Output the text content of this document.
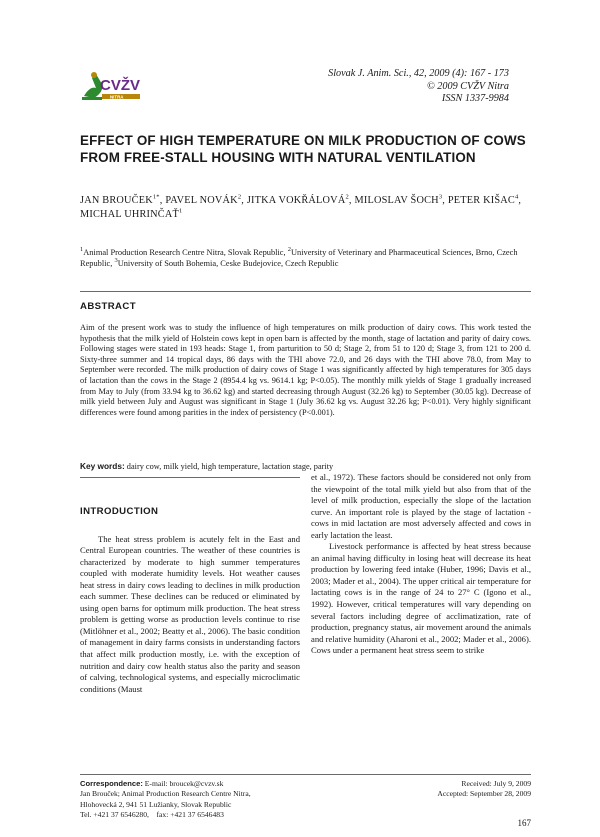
CVŽV
NITRA
Slovak J. Anim. Sci., 42, 2009 (4): 167 - 173
© 2009 CVŽV Nitra
ISSN 1337-9984
EFFECT OF HIGH TEMPERATURE ON MILK PRODUCTION OF COWS FROM FREE-STALL HOUSING WITH NATURAL VENTILATION
JAN $BROUČEK^{1*}$, PAVEL NOVÁK$^2$, JITKA VOKŘÁLOVÁ$^2$, MILOSLAV ŠOCH$^3$, PETER KIŠAC$^4$, MICHAL UHRINČAŤ$^1$
$^1$Animal Production Research Centre Nitra, Slovak Republic, $^2$University of Veterinary and Pharmaceutical Sciences, Brno, Czech Republic, $^3$University of South Bohemia, Ceske Budejovice, Czech Republic
ABSTRACT

Aim of the present work was to study the influence of high temperatures on milk production of dairy cows. This work tested the hypothesis that the milk yield of Holstein cows kept in open barn is affected by the month, stage of lactation and parity of dairy cows. Following stages were stated in 193 heads: Stage 1, from parturition to 50 d; Stage 2, from 51 to 120 d; Stage 3, from 121 to 200 d. Sixty-three summer and 14 tropical days, 86 days with the THI above 72.0, and 26 days with the THI above 78.0, from May to September were recorded. The milk production of dairy cows of Stage 1 was significantly affected by high temperatures for 305 days of lactation than the cows in the Stage 2 (8954.4 kg vs. 9614.1 kg; P<0.05). The monthly milk yields of Stage 1 gradually increased from May to July (from 33.94 kg to 36.62 kg) and started decreasing through August (32.26 kg) to September (30.05 kg). Decrease of milk yield between July and August was significant in Stage 1 (July 36.62 kg vs. August 32.26 kg; P<0.01). Very highly significant differences were found among parities in the index of persistency (P<0.001).

Key words: dairy cow, milk yield, high temperature, lactation stage, parity

INTRODUCTION

The heat stress problem is acutely felt in the East and Central European countries. The weather of these countries is characterized by moderate to high summer temperatures coupled with moderate humidity levels. Hot weather causes heat stress in dairy cows leading to declines in milk production each summer. These declines can be reduced or eliminated by using open barns for optimum milk production. The heat stress problem is getting worse as production levels continue to rise (Mitlöhner et al., 2002; Beatty et al., 2006). The basic condition of management in dairy farms consists in understanding factors that affect milk production mostly, i.e. with the exception of nutrition and dairy cow health status also the parity and season of calving, technological systems, and especially microclimatic conditions (Maust

et al., 1972). These factors should be considered not only from the viewpoint of the total milk yield but also from that of the level of milk production, especially the slope of the lactation curve. An important role is played by the stage of lactation - cows in mid lactation are most adversely affected and cows in early lactation the least.

Livestock performance is affected by heat stress because an animal having difficulty in losing heat will decrease its heat production by lowering feed intake (Huber, 1996; Davis et al., 2003; Mader et al., 2004). The upper critical air temperature for lactating cows is in the range of 24 to 27° C (Igono et al., 1992). However, critical temperatures will vary depending on several factors including degree of acclimatization, rate of production, pregnancy status, air movement around the animals and relative humidity (Aharoni et al., 2002; Mader et al., 2006). Cows under a permanent heat stress seem to strike

Correspondence: E-mail: broucek@cvzv.sk
Jan Brouček; Animal Production Research Centre Nitra,
Hlohovecká 2, 941 51 Lužianky, Slovak Republic
Tel. +421 37 6546280,    fax: +421 37 6546483
Received: July 9, 2009
Accepted: September 28, 2009
167
